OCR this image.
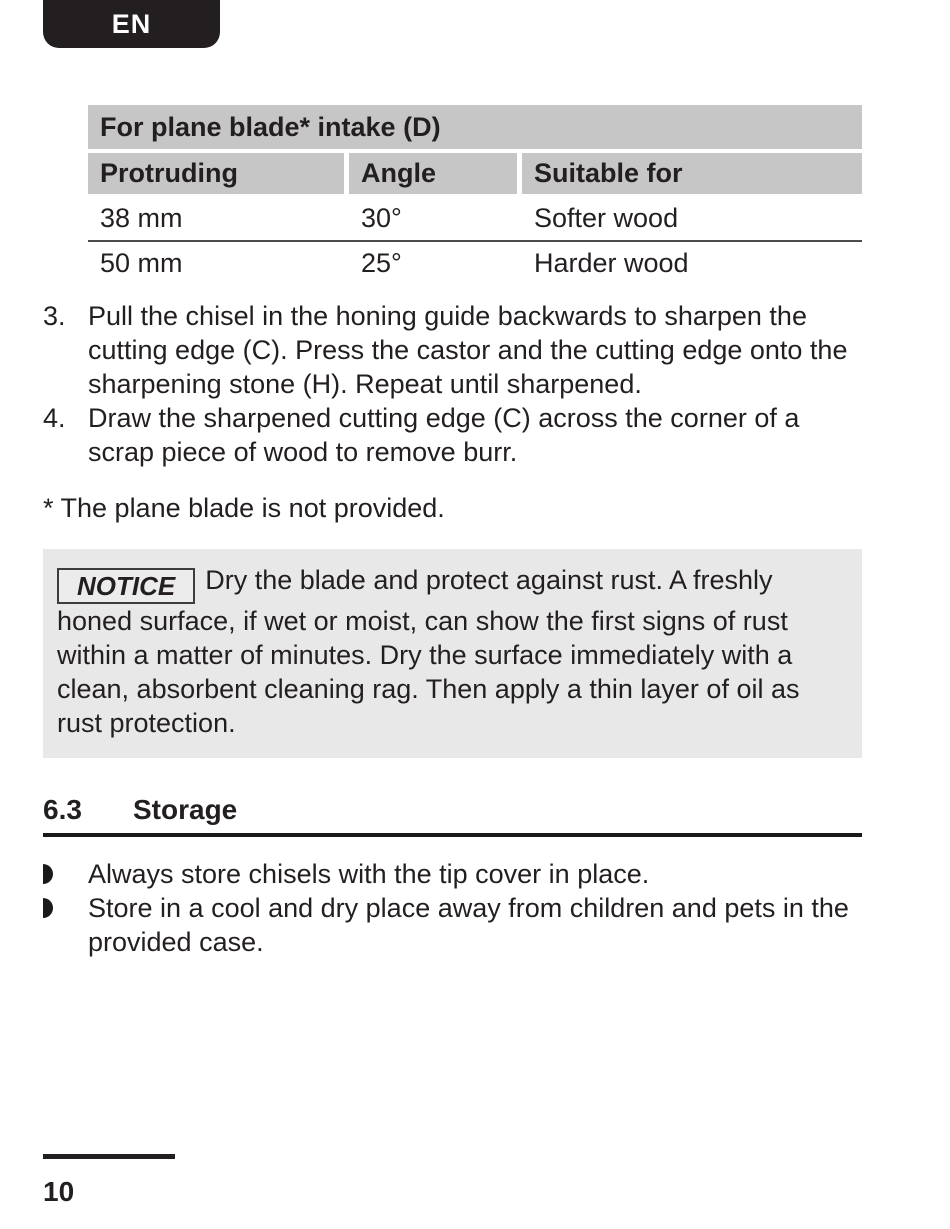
EN
For plane blade* intake (D)
Protruding	Angle	Suitable for
38 mm	30°	Softer wood
50 mm	25°	Harder wood
3. Pull the chisel in the honing guide backwards to sharpen the cutting edge (C). Press the castor and the cutting edge onto the sharpening stone (H). Repeat until sharpened.
4. Draw the sharpened cutting edge (C) across the corner of a scrap piece of wood to remove burr.
* The plane blade is not provided.
NOTICE Dry the blade and protect against rust. A freshly honed surface, if wet or moist, can show the first signs of rust within a matter of minutes. Dry the surface immediately with a clean, absorbent cleaning rag. Then apply a thin layer of oil as rust protection.
6.3	Storage
Always store chisels with the tip cover in place.
Store in a cool and dry place away from children and pets in the provided case.
10
